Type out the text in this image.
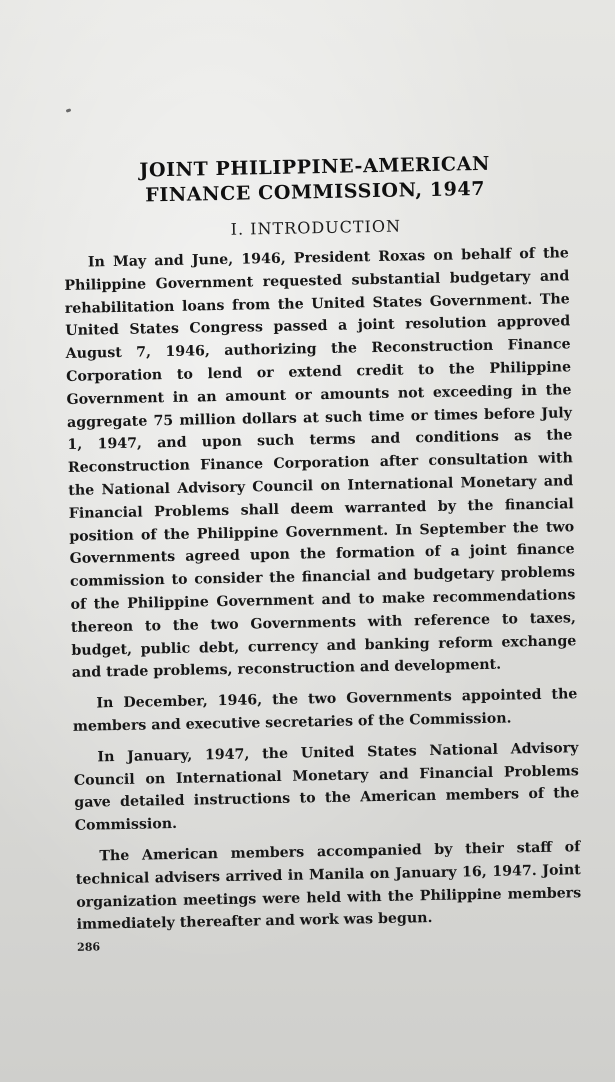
JOINT PHILIPPINE-AMERICAN
FINANCE COMMISSION, 1947
I. INTRODUCTION

In May and June, 1946, President Roxas on behalf of the Philippine Government requested substantial budgetary and rehabilitation loans from the United States Government. The United States Congress passed a joint resolution approved August 7, 1946, authorizing the Reconstruction Finance Corporation to lend or extend credit to the Philippine Government in an amount or amounts not exceeding in the aggregate 75 million dollars at such time or times before July 1, 1947, and upon such terms and conditions as the Reconstruction Finance Corporation after consultation with the National Advisory Council on International Monetary and Financial Problems shall deem warranted by the financial position of the Philippine Government. In September the two Governments agreed upon the formation of a joint finance commission to consider the financial and budgetary problems of the Philippine Government and to make recommendations thereon to the two Governments with reference to taxes, budget, public debt, currency and banking reform exchange and trade problems, reconstruction and development.

In December, 1946, the two Governments appointed the members and executive secretaries of the Commission.

In January, 1947, the United States National Advisory Council on International Monetary and Financial Problems gave detailed instructions to the American members of the Commission.

The American members accompanied by their staff of technical advisers arrived in Manila on January 16, 1947. Joint organization meetings were held with the Philippine members immediately thereafter and work was begun.

286
